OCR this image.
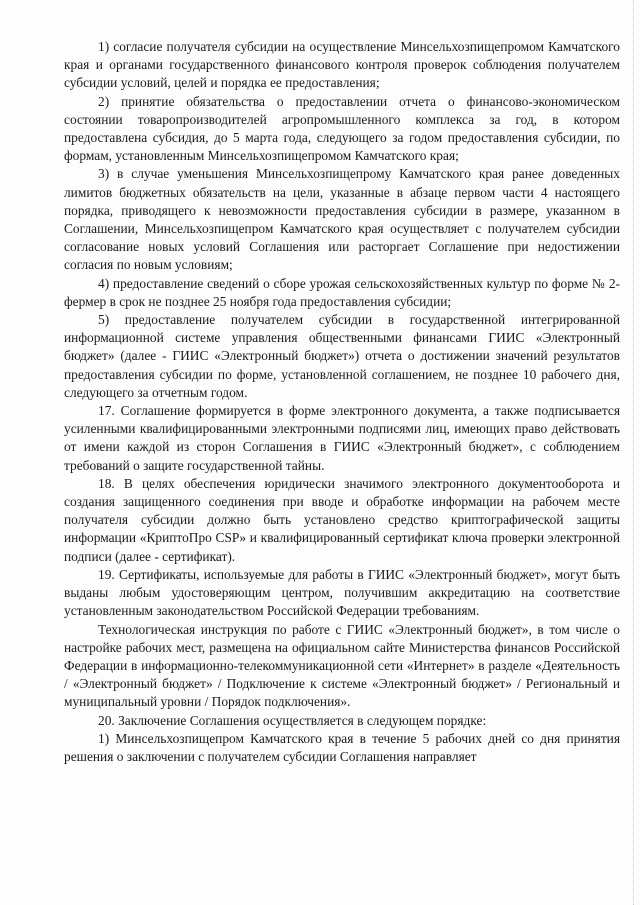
1) согласие получателя субсидии на осуществление Минсельхозпищепромом Камчатского края и органами государственного финансового контроля проверок соблюдения получателем субсидии условий, целей и порядка ее предоставления;

2) принятие обязательства о предоставлении отчета о финансово-экономическом состоянии товаропроизводителей агропромышленного комплекса за год, в котором предоставлена субсидия, до 5 марта года, следующего за годом предоставления субсидии, по формам, установленным Минсельхозпищепромом Камчатского края;

3) в случае уменьшения Минсельхозпищепрому Камчатского края ранее доведенных лимитов бюджетных обязательств на цели, указанные в абзаце первом части 4 настоящего порядка, приводящего к невозможности предоставления субсидии в размере, указанном в Соглашении, Минсельхозпищепром Камчатского края осуществляет с получателем субсидии согласование новых условий Соглашения или расторгает Соглашение при недостижении согласия по новым условиям;

4) предоставление сведений о сборе урожая сельскохозяйственных культур по форме № 2-фермер в срок не позднее 25 ноября года предоставления субсидии;

5) предоставление получателем субсидии в государственной интегрированной информационной системе управления общественными финансами ГИИС «Электронный бюджет» (далее - ГИИС «Электронный бюджет») отчета о достижении значений результатов предоставления субсидии по форме, установленной соглашением, не позднее 10 рабочего дня, следующего за отчетным годом.

17. Соглашение формируется в форме электронного документа, а также подписывается усиленными квалифицированными электронными подписями лиц, имеющих право действовать от имени каждой из сторон Соглашения в ГИИС «Электронный бюджет», с соблюдением требований о защите государственной тайны.

18. В целях обеспечения юридически значимого электронного документооборота и создания защищенного соединения при вводе и обработке информации на рабочем месте получателя субсидии должно быть установлено средство криптографической защиты информации «КриптоПро CSP» и квалифицированный сертификат ключа проверки электронной подписи (далее - сертификат).

19. Сертификаты, используемые для работы в ГИИС «Электронный бюджет», могут быть выданы любым удостоверяющим центром, получившим аккредитацию на соответствие установленным законодательством Российской Федерации требованиям.

Технологическая инструкция по работе с ГИИС «Электронный бюджет», в том числе о настройке рабочих мест, размещена на официальном сайте Министерства финансов Российской Федерации в информационно-телекоммуникационной сети «Интернет» в разделе «Деятельность / «Электронный бюджет» / Подключение к системе «Электронный бюджет» / Региональный и муниципальный уровни / Порядок подключения».

20. Заключение Соглашения осуществляется в следующем порядке:

1) Минсельхозпищепром Камчатского края в течение 5 рабочих дней со дня принятия решения о заключении с получателем субсидии Соглашения направляет
